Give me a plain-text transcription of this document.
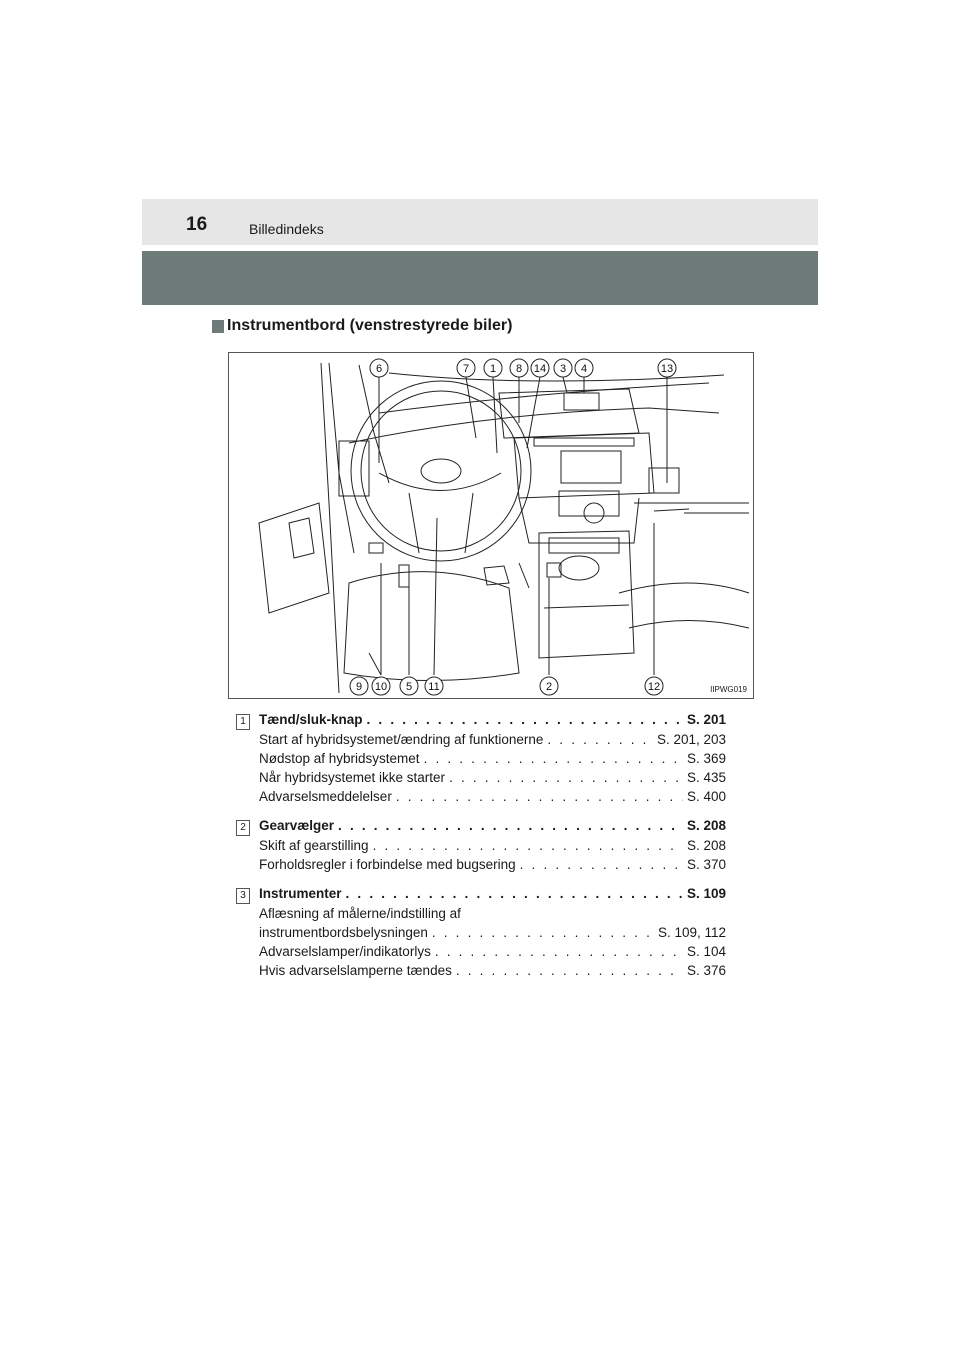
16	Billedindeks
Instrumentbord (venstrestyrede biler)
6	7 1 8 14 3 4	13
9 10 5 11	2	12	IIPWG019
1 Tænd/sluk-knap . . .	S. 201
Start af hybridsystemet/ændring af funktionerne . . .	S. 201, 203
Nødstop af hybridsystemet . . .	S. 369
Når hybridsystemet ikke starter . . .	S. 435
Advarselsmeddelelser . . .	S. 400
2 Gearvælger . . .	S. 208
Skift af gearstilling . . .	S. 208
Forholdsregler i forbindelse med bugsering . . .	S. 370
3 Instrumenter . . .	S. 109
Aflæsning af målerne/indstilling af
instrumentbordsbelysningen . . .	S. 109, 112
Advarselslamper/indikatorlys . . .	S. 104
Hvis advarselslamperne tændes . . .	S. 376
